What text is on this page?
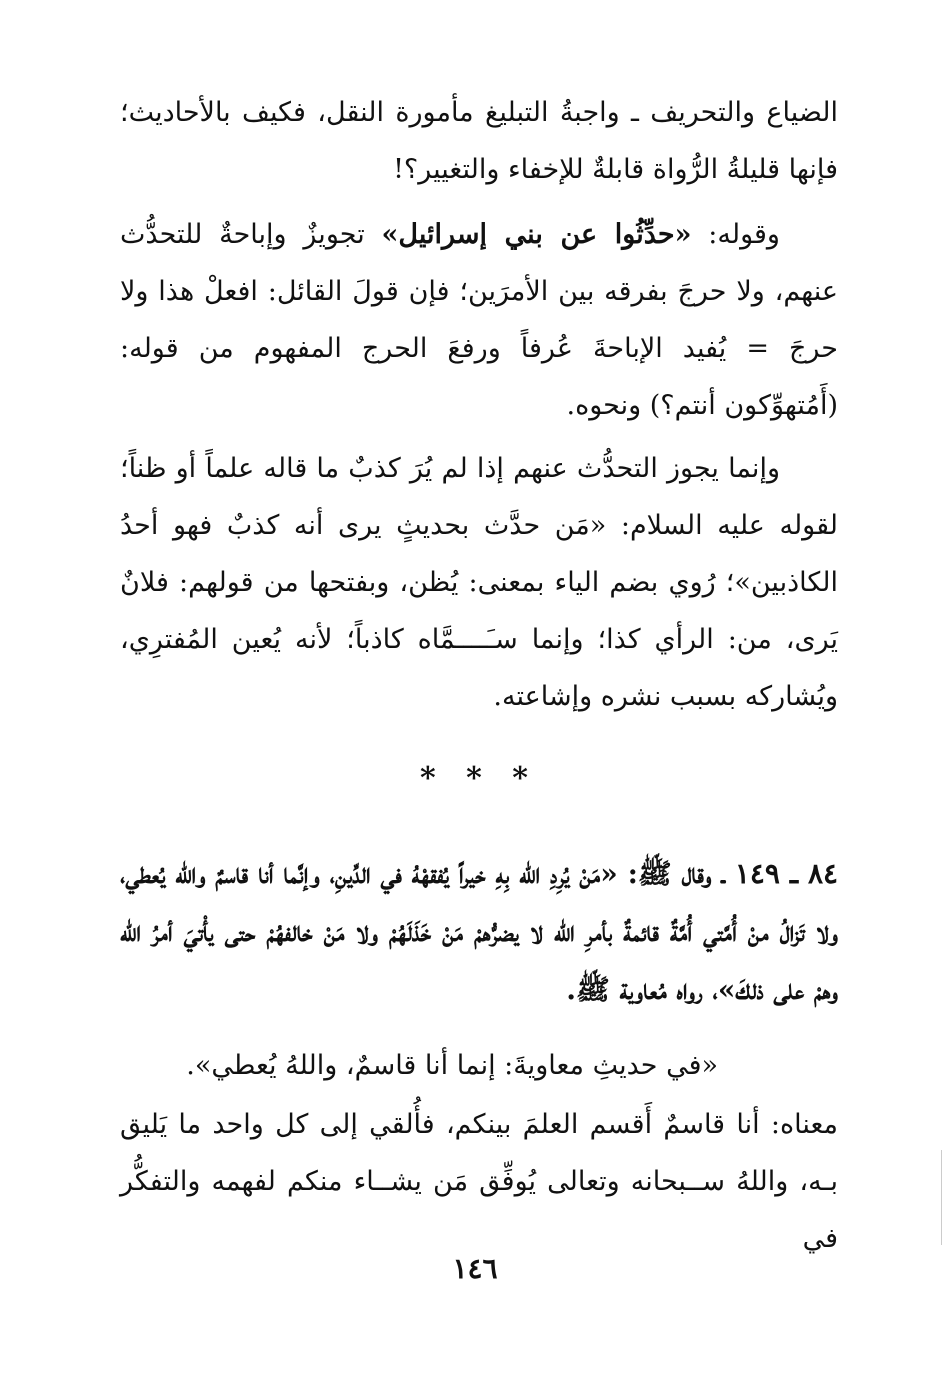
الضياع والتحريف ـ واجبةُ التبليغ مأمورة النقل، فكيف بالأحاديث؛ فإنها قليلةُ الرُّواة قابلةٌ للإخفاء والتغيير؟!

وقوله: «حدِّثُوا عن بني إسرائيل» تجويزٌ وإباحةٌ للتحدُّث عنهم، ولا حرجَ بفرقه بين الأمرَين؛ فإن قولَ القائل: افعلْ هذا ولا حرجَ = يُفيد الإباحةَ عُرفاً ورفعَ الحرج المفهوم من قوله: (أَمُتهوِّكون أنتم؟) ونحوه.

وإنما يجوز التحدُّث عنهم إذا لم يُرَ كذبٌ ما قاله علماً أو ظناً؛ لقوله عليه السلام: «مَن حدَّث بحديثٍ يرى أنه كذبٌ فهو أحدُ الكاذبين»؛ رُوي بضم الياء بمعنى: يُظن، وبفتحها من قولهم: فلانٌ يَرى، من: الرأي كذا؛ وإنما سـَــــمَّاه كاذباً؛ لأنه يُعين المُفترِي، ويُشاركه بسبب نشره وإشاعته.

* * *

٨٤ ـ ١٤٩ ـ وقال ﷺ: «مَنْ يُرِدِ الله بِهِ خيراً يُفقهْهُ في الدِّينِ، وإنَّما أنا قاسمٌ والله يُعطي، ولا تَزالُ منْ أُمَّتي أُمَّةٌ قائمةٌ بأمرِ الله لا يضرُّهمْ مَنْ خَذَلَهُمْ ولا مَنْ خالفهُمْ حتى يأْتيَ أمرُ الله وهمْ على ذلكَ»، رواه مُعاوية ﷺ.

«في حديثِ معاويةَ: إنما أنا قاسمٌ، واللهُ يُعطي».

معناه: أنا قاسمٌ أَقسم العلمَ بينكم، فأُلقي إلى كل واحد ما يَليق بـه، واللهُ ســبحانه وتعالى يُوفِّق مَن يشــاء منكم لفهمه والتفكُّر في

١٤٦
